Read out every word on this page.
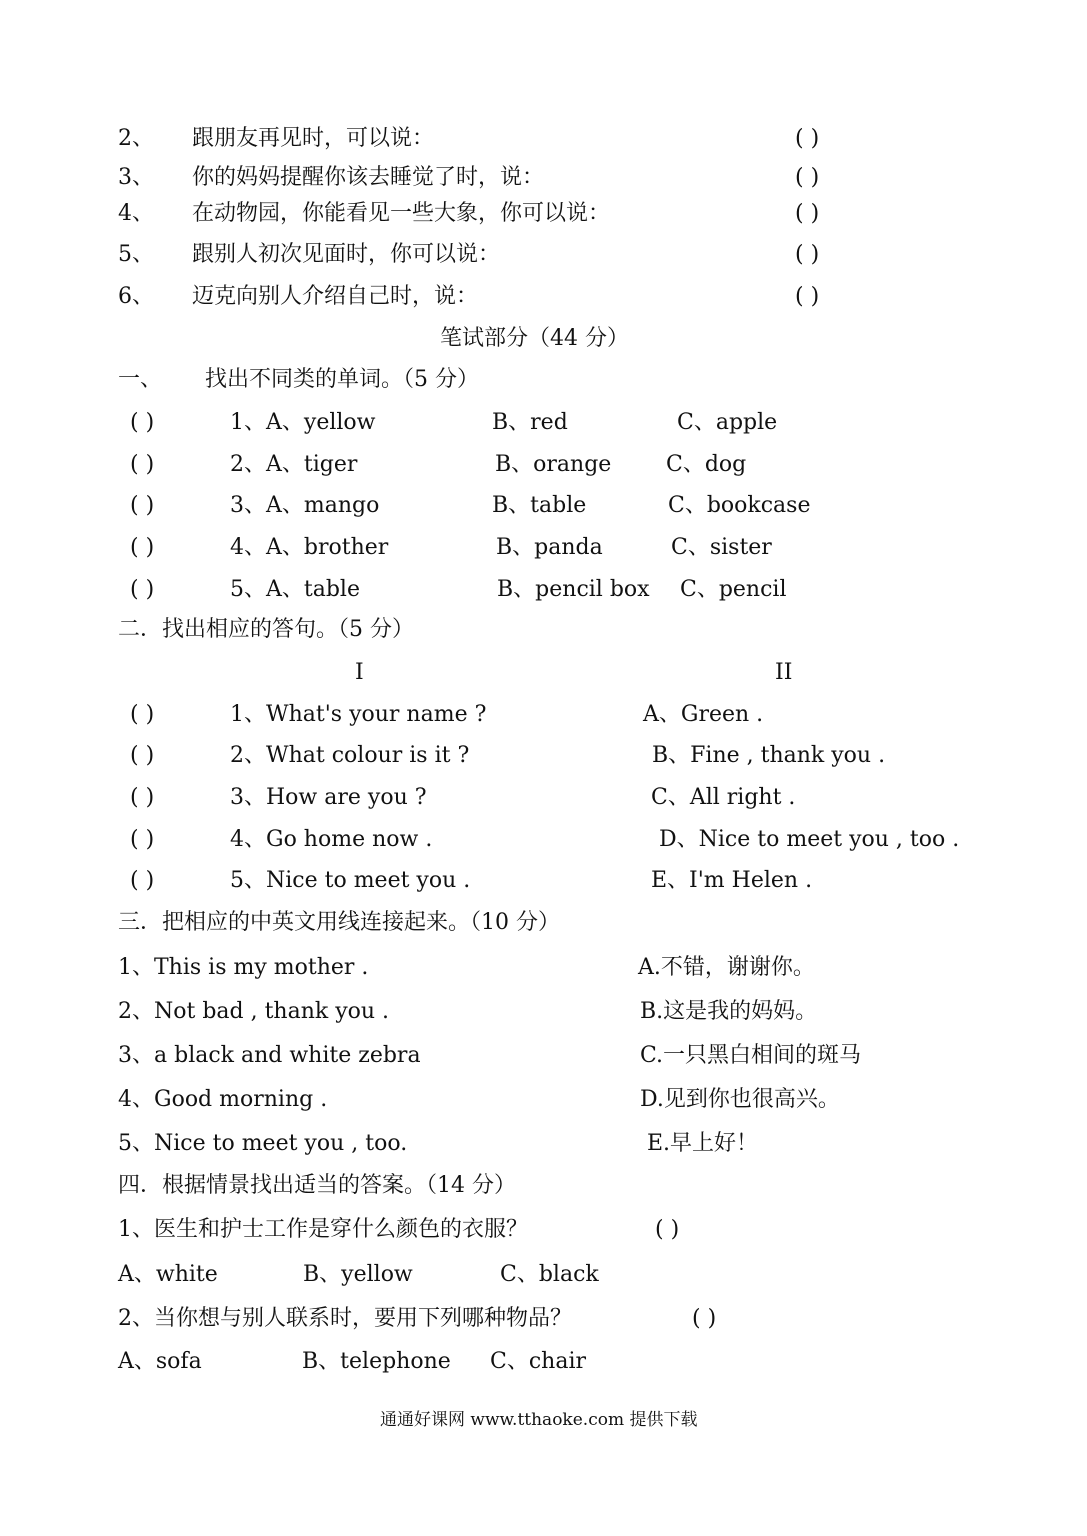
2、 跟朋友再见时，可以说：	( )
3、 你的妈妈提醒你该去睡觉了时，说：	( )
4、 在动物园，你能看见一些大象，你可以说：	( )
5、 跟别人初次见面时，你可以说：	( )
6、 迈克向别人介绍自己时，说：	( )
笔试部分（44 分）
一、 找出不同类的单词。（5 分）
( )	1、A、yellow	B、red	C、apple
( )	2、A、tiger	B、orange C、dog
( )	3、A、mango	B、table	C、bookcase
( )	4、A、brother	B、panda	C、sister
( )	5、A、table	B、pencil box C、pencil
二．找出相应的答句。（5 分）
I	II
( )	1、What's your name ?	A、Green .
( )	2、What colour is it ?	B、Fine , thank you .
( )	3、How are you ?	C、All right .
( )	4、Go home now .	D、Nice to meet you , too .
( )	5、Nice to meet you .	E、I'm Helen .
三．把相应的中英文用线连接起来。（10 分）
1、This is my mother .	A.不错，谢谢你。
2、Not bad , thank you .	B.这是我的妈妈。
3、a black and white zebra	C.一只黑白相间的斑马
4、Good morning .	D.见到你也很高兴。
5、Nice to meet you , too.	E.早上好！
四．根据情景找出适当的答案。（14 分）
1、医生和护士工作是穿什么颜色的衣服？	( )
A、white	B、yellow	C、black
2、当你想与别人联系时，要用下列哪种物品？	( )
A、sofa	B、telephone C、chair
通通好课网 www.tthaoke.com 提供下载
